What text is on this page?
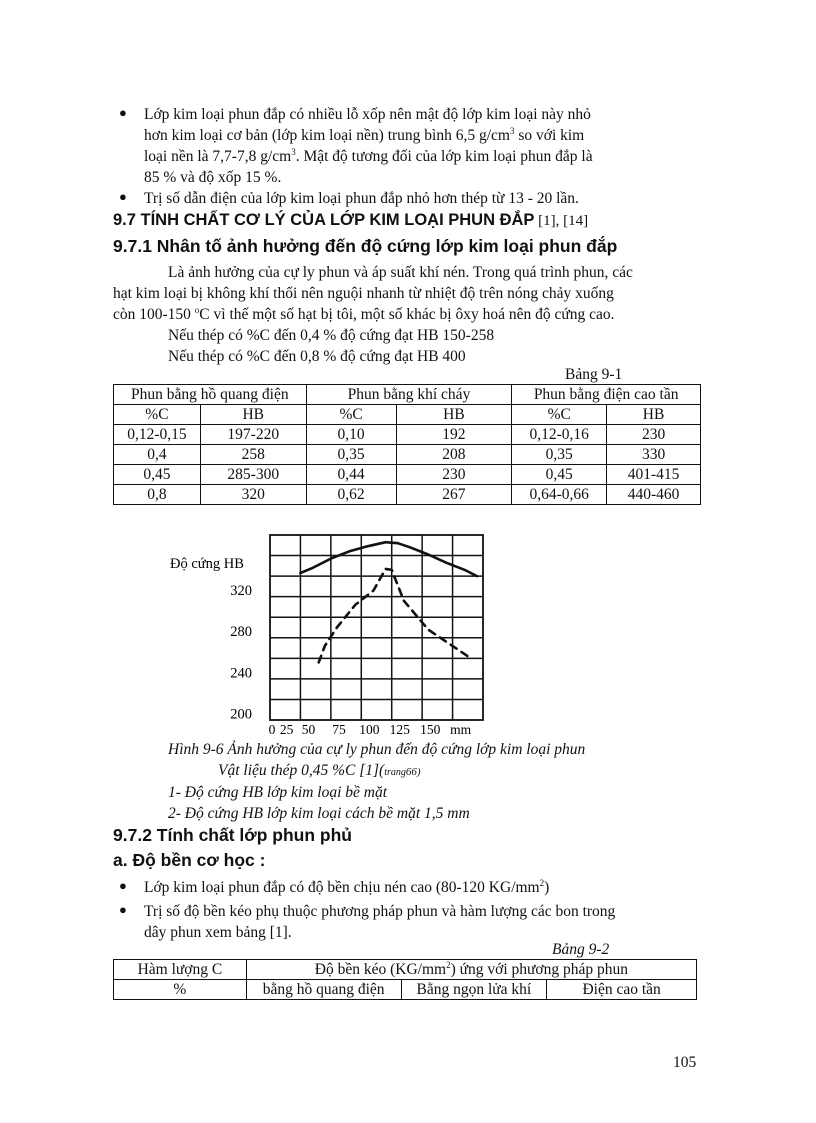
● Lớp kim loại phun đắp có nhiều lỗ xốp nên mật độ lớp kim loại này nhỏ
hơn kim loại cơ bản (lớp kim loại nền) trung bình 6,5 $g/cm^3$ so với kim
loại nền là 7,7-7,8 $g/cm^3$. Mật độ tương đối của lớp kim loại phun đắp là
85 % và độ xốp 15 %.
● Trị số dẫn điện của lớp kim loại phun đắp nhỏ hơn thép từ 13 - 20 lần.
9.7 TÍNH CHẤT CƠ LÝ CỦA LỚP KIM LOẠI PHUN ĐẮP [1], [14]
9.7.1 Nhân tố ảnh hưởng đến độ cứng lớp kim loại phun đắp
Là ảnh hưởng của cự ly phun và áp suất khí nén. Trong quá trình phun, các
hạt kim loại bị không khí thổi nên nguội nhanh từ nhiệt độ trên nóng chảy xuống
còn 100-150 $^o$C vì thế một số hạt bị tôi, một số khác bị ôxy hoá nên độ cứng cao.
Nếu thép có %C đến 0,4 % độ cứng đạt HB 150-258
Nếu thép có %C đến 0,8 % độ cứng đạt HB 400
Bảng 9-1
Phun bằng hồ quang điện		Phun bằng khí cháy		Phun bằng điện cao tần	
%C	HB	%C	HB	%C	HB
0,12-0,15	197-220	0,10	192	0,12-0,16	230
0,4	258	0,35	208	0,35	330
0,45	285-300	0,44	230	0,45	401-415
0,8	320	0,62	267	0,64-0,66	440-460
320
280
240
200
0 25 50 75 100 125 150 mm
Độ cứng HB
Hình 9-6 Ảnh hưởng của cự ly phun đến độ cứng lớp kim loại phun
Vật liệu thép 0,45 %C [1](trang66)
1- Độ cứng HB lớp kim loại bề mặt
2- Độ cứng HB lớp kim loại cách bề mặt 1,5 mm
9.7.2 Tính chất lớp phun phủ
a. Độ bền cơ học :
● Lớp kim loại phun đắp có độ bền chịu nén cao (80-120 $KG/mm^2$)
● Trị số độ bền kéo phụ thuộc phương pháp phun và hàm lượng các bon trong
dây phun xem bảng [1].
Bảng 9-2
Hàm lượng C	Độ bền kéo $(KG/mm^2)$ ứng với phương pháp phun		
%	bằng hồ quang điện	Bằng ngọn lửa khí	Điện cao tần
105
